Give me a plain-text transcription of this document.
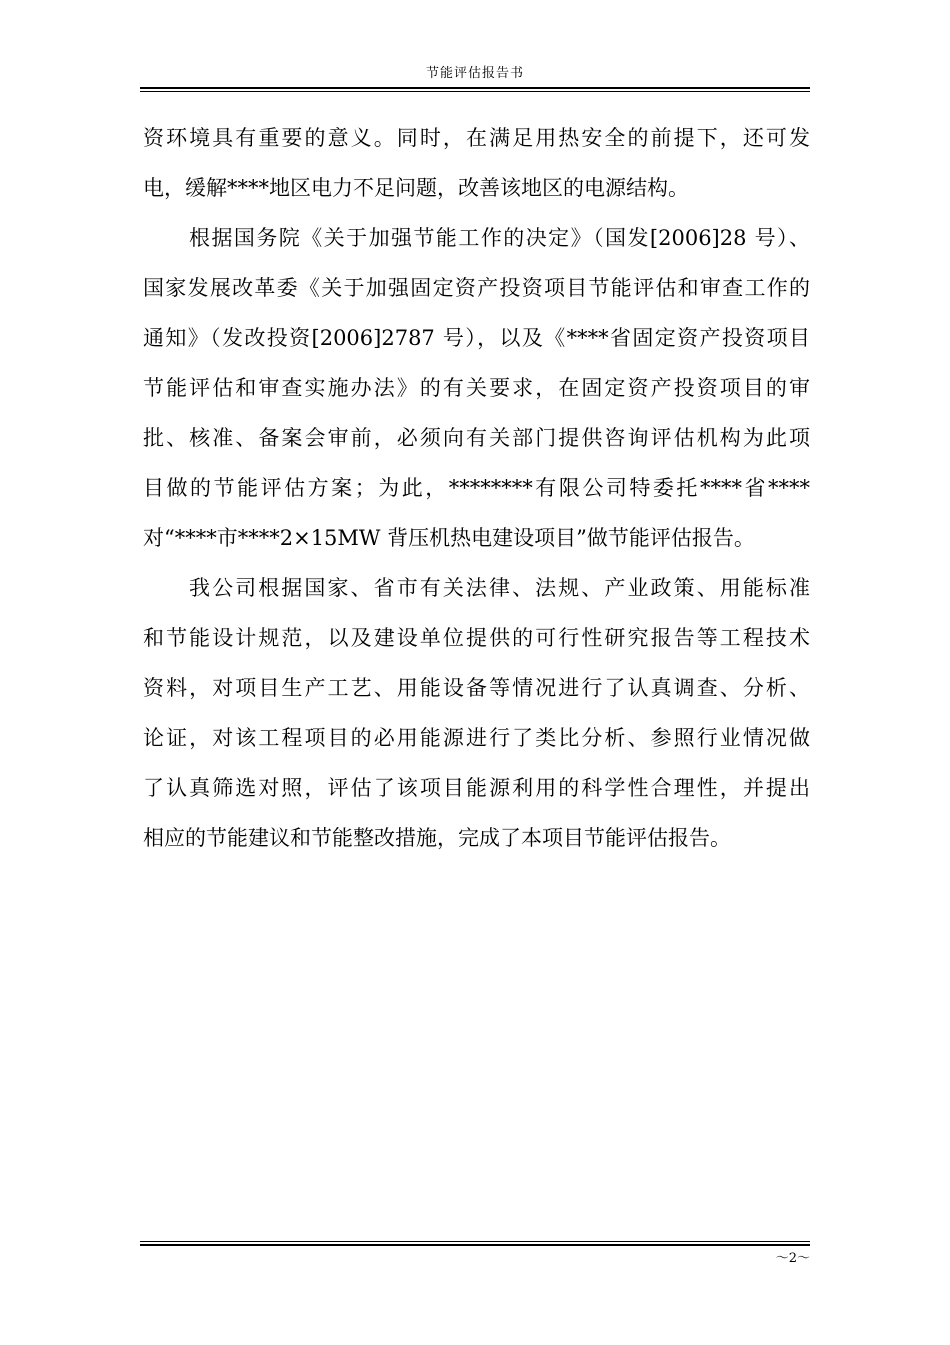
节能评估报告书
资环境具有重要的意义。同时，在满足用热安全的前提下，还可发
电，缓解****地区电力不足问题，改善该地区的电源结构。
根据国务院《关于加强节能工作的决定》（国发[2006]28 号）、
国家发展改革委《关于加强固定资产投资项目节能评估和审查工作的
通知》（发改投资[2006]2787 号），以及《****省固定资产投资项目
节能评估和审查实施办法》的有关要求，在固定资产投资项目的审
批、核准、备案会审前，必须向有关部门提供咨询评估机构为此项
目做的节能评估方案；为此，********有限公司特委托****省****
对“****市****2×15MW 背压机热电建设项目”做节能评估报告。
我公司根据国家、省市有关法律、法规、产业政策、用能标准
和节能设计规范，以及建设单位提供的可行性研究报告等工程技术
资料，对项目生产工艺、用能设备等情况进行了认真调查、分析、
论证，对该工程项目的必用能源进行了类比分析、参照行业情况做
了认真筛选对照，评估了该项目能源利用的科学性合理性，并提出
相应的节能建议和节能整改措施，完成了本项目节能评估报告。
～2～
